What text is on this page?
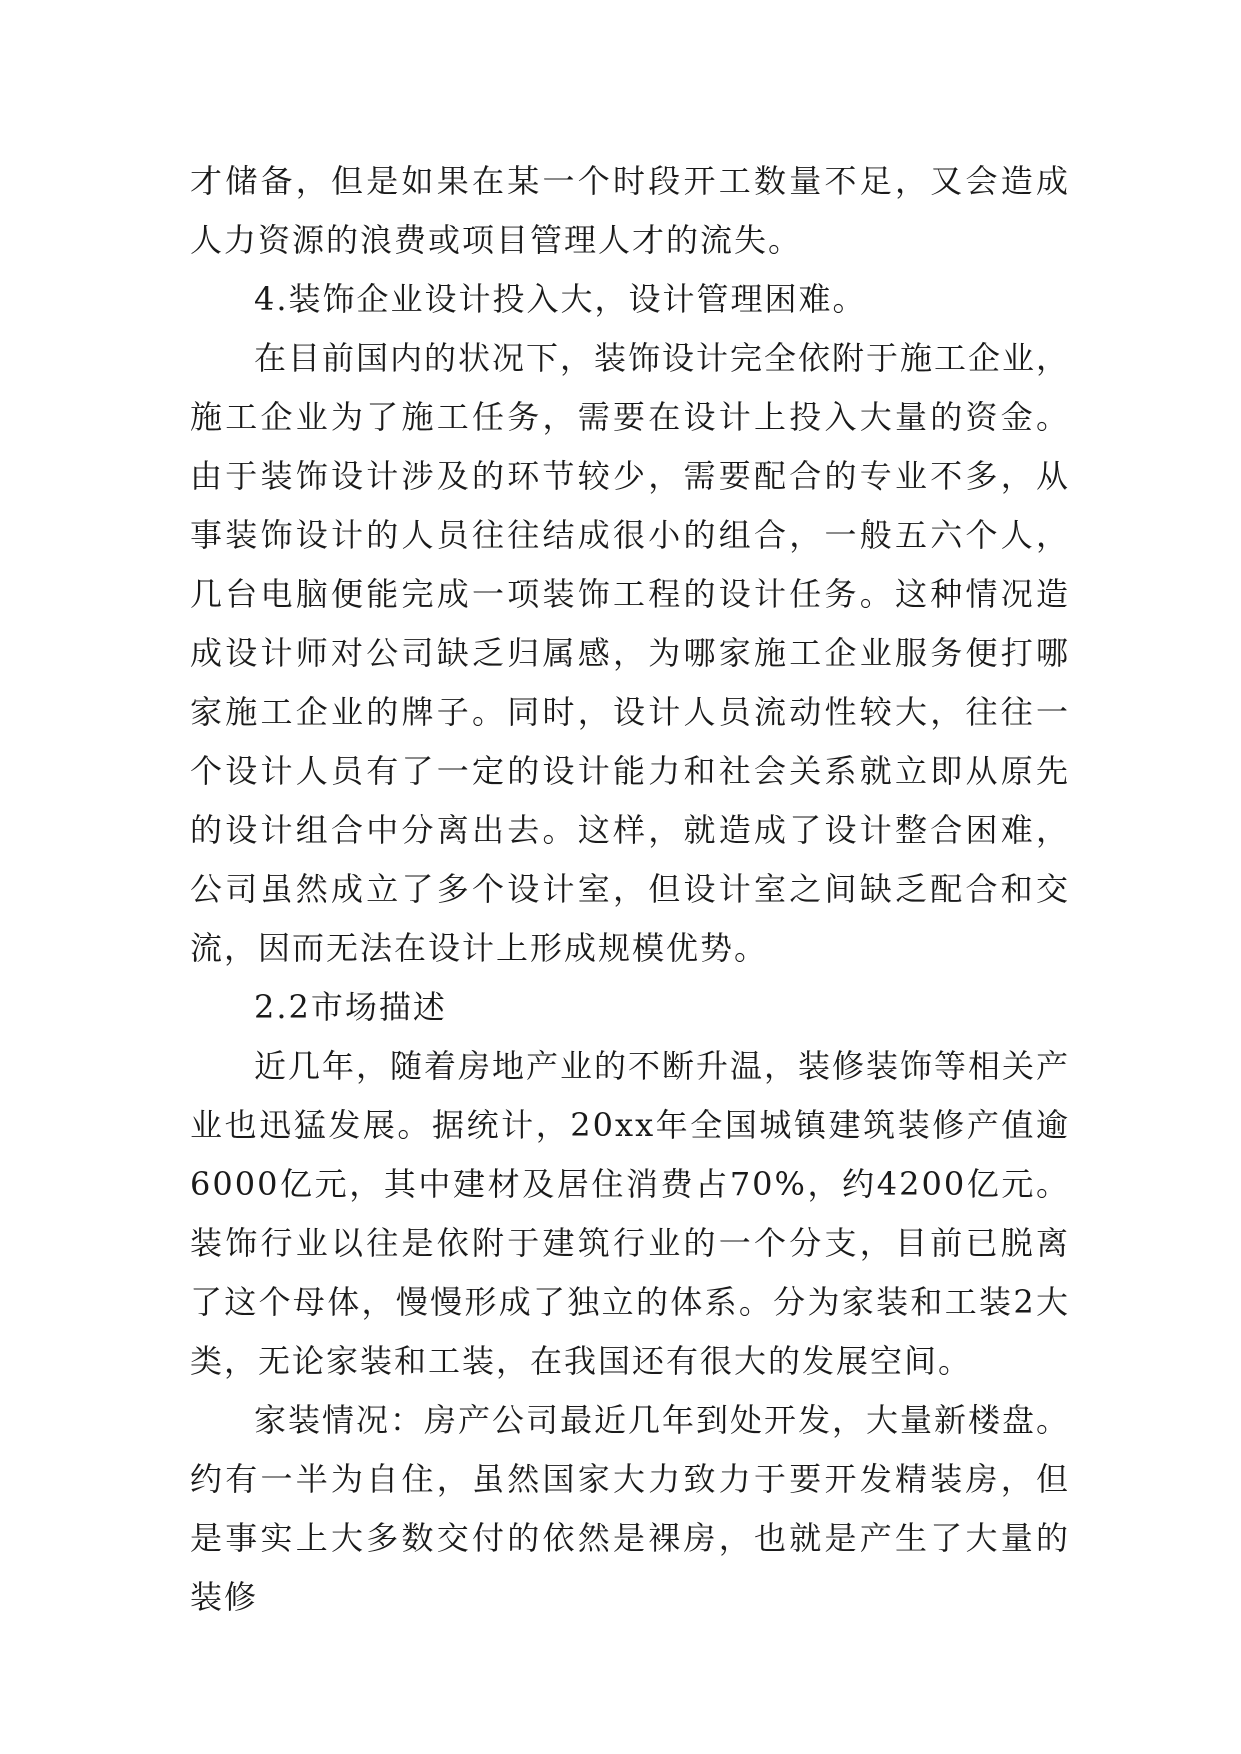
才储备，但是如果在某一个时段开工数量不足，又会造成人力资源的浪费或项目管理人才的流失。

4.装饰企业设计投入大，设计管理困难。

在目前国内的状况下，装饰设计完全依附于施工企业，施工企业为了施工任务，需要在设计上投入大量的资金。由于装饰设计涉及的环节较少，需要配合的专业不多，从事装饰设计的人员往往结成很小的组合，一般五六个人，几台电脑便能完成一项装饰工程的设计任务。这种情况造成设计师对公司缺乏归属感，为哪家施工企业服务便打哪家施工企业的牌子。同时，设计人员流动性较大，往往一个设计人员有了一定的设计能力和社会关系就立即从原先的设计组合中分离出去。这样，就造成了设计整合困难，公司虽然成立了多个设计室，但设计室之间缺乏配合和交流，因而无法在设计上形成规模优势。

2.2市场描述

近几年，随着房地产业的不断升温，装修装饰等相关产业也迅猛发展。据统计，20xx年全国城镇建筑装修产值逾6000亿元，其中建材及居住消费占70%，约4200亿元。装饰行业以往是依附于建筑行业的一个分支，目前已脱离了这个母体，慢慢形成了独立的体系。分为家装和工装2大类，无论家装和工装，在我国还有很大的发展空间。

家装情况：房产公司最近几年到处开发，大量新楼盘。约有一半为自住，虽然国家大力致力于要开发精装房，但是事实上大多数交付的依然是裸房，也就是产生了大量的装修
